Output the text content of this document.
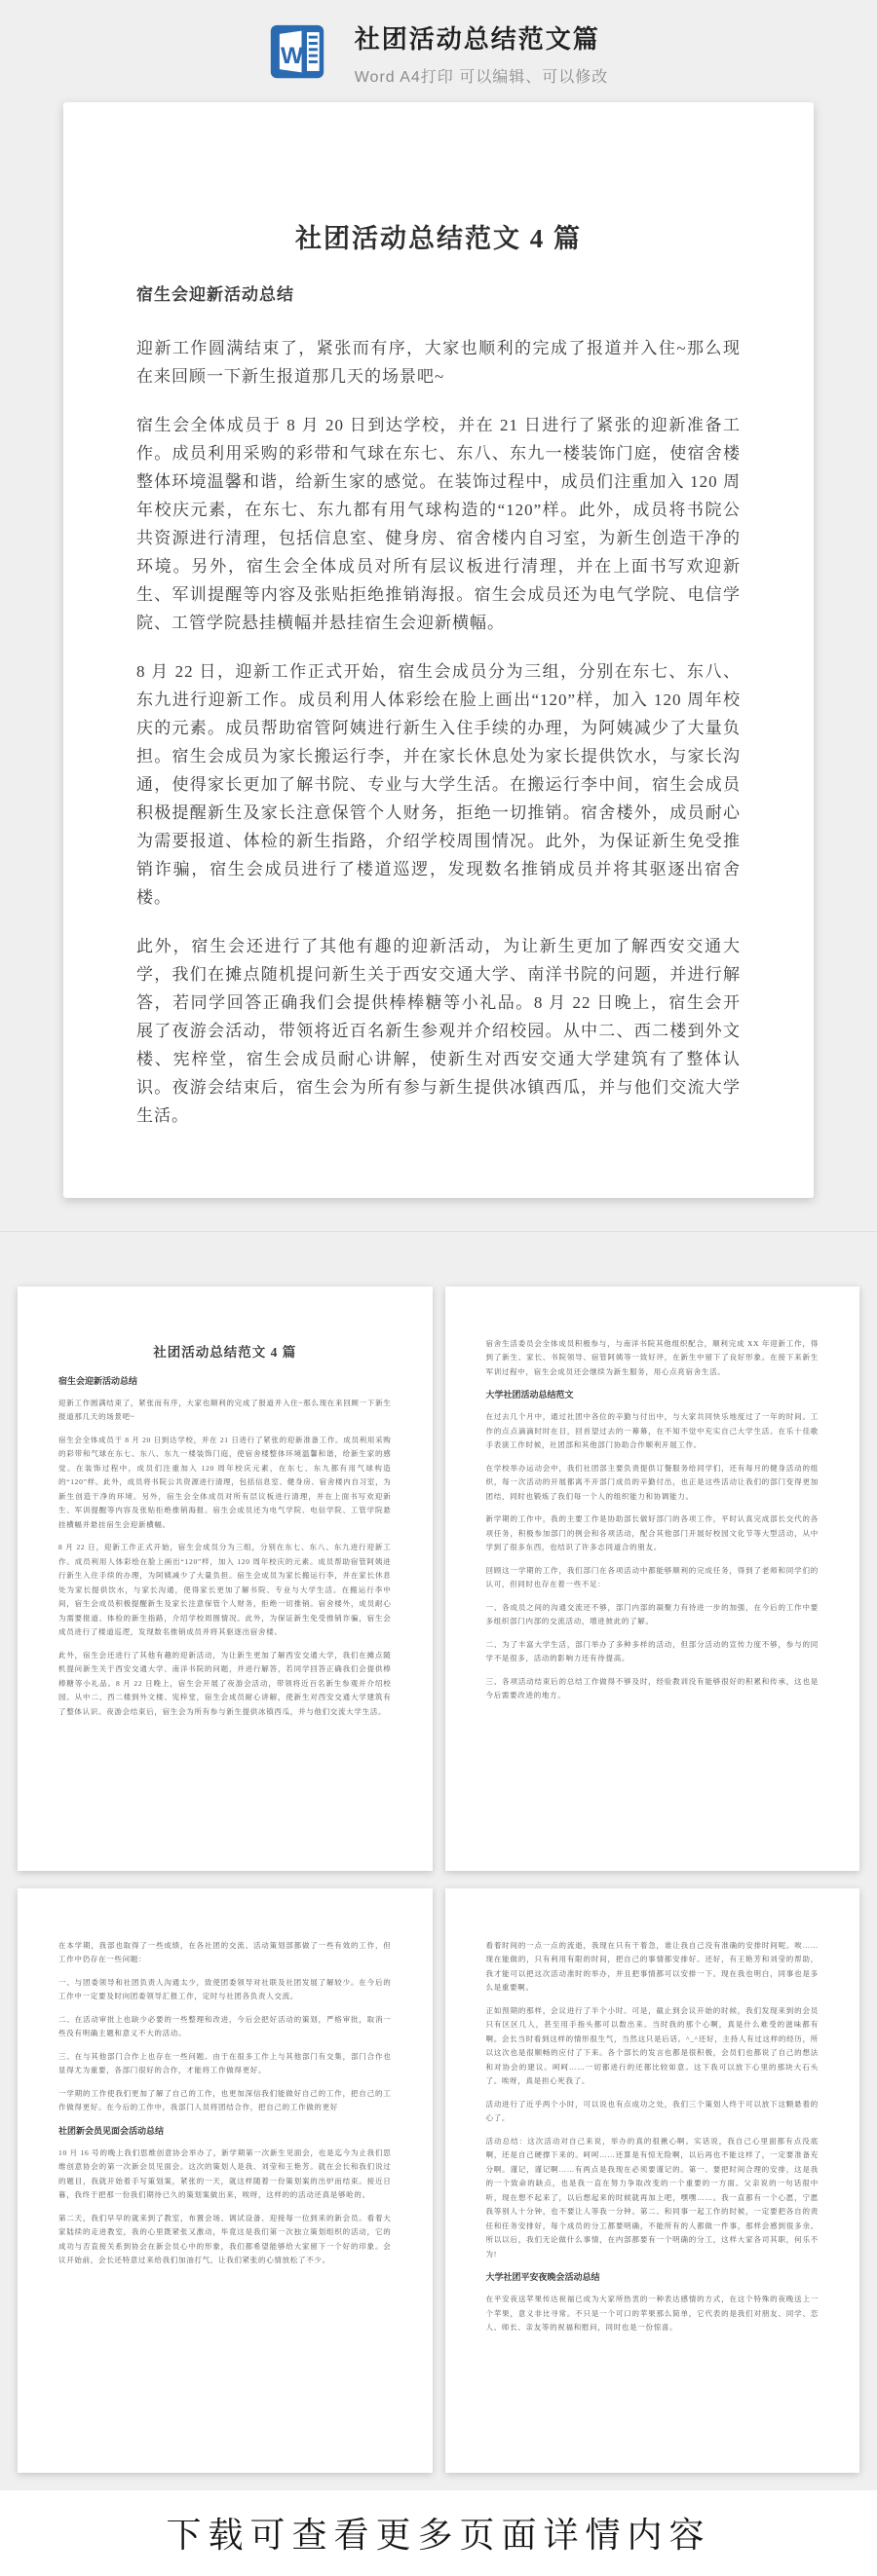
W
社团活动总结范文篇

Word A4打印 可以编辑、可以修改

社团活动总结范文 4 篇
宿生会迎新活动总结

迎新工作圆满结束了，紧张而有序，大家也顺利的完成了报道并入住~那么现在来回顾一下新生报道那几天的场景吧~

宿生会全体成员于 8 月 20 日到达学校，并在 21 日进行了紧张的迎新准备工作。成员利用采购的彩带和气球在东七、东八、东九一楼装饰门庭，使宿舍楼整体环境温馨和谐，给新生家的感觉。在装饰过程中，成员们注重加入 120 周年校庆元素，在东七、东九都有用气球构造的“120”样。此外，成员将书院公共资源进行清理，包括信息室、健身房、宿舍楼内自习室，为新生创造干净的环境。另外，宿生会全体成员对所有层议板进行清理，并在上面书写欢迎新生、军训提醒等内容及张贴拒绝推销海报。宿生会成员还为电气学院、电信学院、工管学院悬挂横幅并悬挂宿生会迎新横幅。

8 月 22 日，迎新工作正式开始，宿生会成员分为三组，分别在东七、东八、东九进行迎新工作。成员利用人体彩绘在脸上画出“120”样，加入 120 周年校庆的元素。成员帮助宿管阿姨进行新生入住手续的办理，为阿姨减少了大量负担。宿生会成员为家长搬运行李，并在家长休息处为家长提供饮水，与家长沟通，使得家长更加了解书院、专业与大学生活。在搬运行李中间，宿生会成员积极提醒新生及家长注意保管个人财务，拒绝一切推销。宿舍楼外，成员耐心为需要报道、体检的新生指路，介绍学校周围情况。此外，为保证新生免受推销诈骗，宿生会成员进行了楼道巡逻，发现数名推销成员并将其驱逐出宿舍楼。

此外，宿生会还进行了其他有趣的迎新活动，为让新生更加了解西安交通大学，我们在摊点随机提问新生关于西安交通大学、南洋书院的问题，并进行解答，若同学回答正确我们会提供棒棒糖等小礼品。8 月 22 日晚上，宿生会开展了夜游会活动，带领将近百名新生参观并介绍校园。从中二、西二楼到外文楼、宪梓堂，宿生会成员耐心讲解，使新生对西安交通大学建筑有了整体认识。夜游会结束后，宿生会为所有参与新生提供冰镇西瓜，并与他们交流大学生活。

社团活动总结范文 4 篇
宿生会迎新活动总结

迎新工作圆满结束了，紧张而有序，大家也顺利的完成了报道并入住~那么现在来回顾一下新生报道那几天的场景吧~

宿生会全体成员于 8 月 20 日到达学校，并在 21 日进行了紧张的迎新准备工作。成员利用采购的彩带和气球在东七、东八、东九一楼装饰门庭，使宿舍楼整体环境温馨和谐，给新生家的感觉。在装饰过程中，成员们注重加入 120 周年校庆元素，在东七、东九都有用气球构造的“120”样。此外，成员将书院公共资源进行清理，包括信息室、健身房、宿舍楼内自习室，为新生创造干净的环境。另外，宿生会全体成员对所有层议板进行清理，并在上面书写欢迎新生、军训提醒等内容及张贴拒绝推销海报。宿生会成员还为电气学院、电信学院、工管学院悬挂横幅并悬挂宿生会迎新横幅。

8 月 22 日，迎新工作正式开始，宿生会成员分为三组，分别在东七、东八、东九进行迎新工作。成员利用人体彩绘在脸上画出“120”样，加入 120 周年校庆的元素。成员帮助宿管阿姨进行新生入住手续的办理，为阿姨减少了大量负担。宿生会成员为家长搬运行李，并在家长休息处为家长提供饮水，与家长沟通，使得家长更加了解书院、专业与大学生活。在搬运行李中间，宿生会成员积极提醒新生及家长注意保管个人财务，拒绝一切推销。宿舍楼外，成员耐心为需要报道、体检的新生指路，介绍学校周围情况。此外，为保证新生免受推销诈骗，宿生会成员进行了楼道巡逻，发现数名推销成员并将其驱逐出宿舍楼。

此外，宿生会还进行了其他有趣的迎新活动，为让新生更加了解西安交通大学，我们在摊点随机提问新生关于西安交通大学、南洋书院的问题，并进行解答，若同学回答正确我们会提供棒棒糖等小礼品。8 月 22 日晚上，宿生会开展了夜游会活动，带领将近百名新生参观并介绍校园。从中二、西二楼到外文楼、宪梓堂，宿生会成员耐心讲解，使新生对西安交通大学建筑有了整体认识。夜游会结束后，宿生会为所有参与新生提供冰镇西瓜，并与他们交流大学生活。

宿舍生活委员会全体成员积极参与，与南洋书院其他组织配合，顺利完成 XX 年迎新工作，得到了新生、家长、书院领导、宿管阿姨等一致好评，在新生中留下了良好形象。在接下来新生军训过程中，宿生会成员还会继续为新生服务，用心点亮宿舍生活。

大学社团活动总结范文

在过去几个月中，通过社团中各位的辛勤与付出中，与大家共同快乐地度过了一年的时间。工作的点点滴滴时时在目，回首望过去的一幕幕，在不知不觉中充实自己大学生活。在乐十佳歌手表演工作时候，社团部和其他部门协助合作顺利开展工作。

在学校举办运动会中，我们社团部主要负责提供订餐服务给同学们，还有每月的健身活动的组织，每一次活动的开展都离不开部门成员的辛勤付出，也正是这些活动让我们的部门变得更加团结，同时也锻炼了我们每一个人的组织能力和协调能力。

新学期的工作中，我的主要工作是协助部长做好部门的各项工作，平时认真完成部长交代的各项任务，积极参加部门的例会和各项活动，配合其他部门开展好校园文化节等大型活动，从中学到了很多东西，也结识了许多志同道合的朋友。

回顾这一学期的工作，我们部门在各项活动中都能够顺利的完成任务，得到了老师和同学们的认可，但同时也存在着一些不足：

一、各成员之间的沟通交流还不够，部门内部的凝聚力有待进一步的加强，在今后的工作中要多组织部门内部的交流活动，增进彼此的了解。

二、为了丰富大学生活，部门举办了多种多样的活动，但部分活动的宣传力度不够，参与的同学不是很多，活动的影响力还有待提高。

三、各项活动结束后的总结工作做得不够及时，经验教训没有能够很好的积累和传承，这也是今后需要改进的地方。

在本学期，我部也取得了一些成绩，在各社团的交流、活动策划部都做了一些有效的工作，但工作中仍存在一些问题：

一、与团委领导和社团负责人沟通太少，致使团委领导对社联及社团发展了解较少。在今后的工作中一定要及时向团委领导汇报工作，定时与社团各负责人交流。

二、在活动审批上也缺少必要的一些整理和改进，今后会把好活动的策划，严格审批，取消一些没有明确主题和意义不大的活动。

三、在与其他部门合作上也存在一些问题。由于在很多工作上与其他部门有交集，部门合作也显得尤为重要，各部门很好的合作，才能将工作做得更好。

一学期的工作使我们更加了解了自己的工作，也更加深信我们能做好自己的工作，把自己的工作做得更好。在今后的工作中，我部门人员将团结合作，把自己的工作做的更好

社团新会员见面会活动总结

10 月 16 号的晚上我们思维创意协会举办了，新学期第一次新生见面会，也是迄今为止我们思维创意协会的第一次新会员见面会。这次的策划人是我、刘莹和王艳芳。就在会长和我们说过的题目，我就开始着手写策划案，紧张的一天，就这样随着一份策划案的出炉而结束。接近日暮，我终于把那一份我们期待已久的策划案做出来，唉呀，这样的的活动还真是够呛的。

第二天，我们早早的就来到了教室，布置会场、调试设备、迎接每一位到来的新会员。看着大家陆续的走进教室，我的心里既紧张又激动，毕竟这是我们第一次独立策划组织的活动，它的成功与否直接关系到协会在新会员心中的形象，我们都希望能够给大家留下一个好的印象。会议开始前，会长还特意过来给我们加油打气，让我们紧张的心情放松了不少。

看着时间的一点一点的流逝，我现在只有干着急，谁让我自己没有准确的安排时间呢。唉……现在能做的，只有利用有限的时间，把自己的事情都安排好。还好，有王艳芳和刘莹的帮助，我才能可以把这次活动准时的举办，并且把事情都可以安排一下。现在我也明白，同事也是多么是重要啊。

正如预期的那样，会议进行了半个小时。可是，截止到会议开始的时候，我们发现来到的会员只有区区几人，甚至用手指头都可以数出来。当时我的那个心啊，真是什么难受的滋味都有啊。会长当时看到这样的情形很生气，当然这只是后话。^_^还好，主持人有过这样的经历，所以这次也是很顺畅的应付了下来。各个部长的发言也都是很积极，会员们也都说了自己的想法和对协会的建议。呵呵……一切都进行的还都比较如意。这下我可以放下心里的那块大石头了。唉呀，真是担心死我了。

活动进行了近乎两个小时，可以说也有点成功之处，我们三个策划人终于可以放下这颗悬着的心了。

活动总结：这次活动对自己来说，举办的真的很揪心啊。实话说，我自己心里面都有点没底啊，还是自己硬撑下来的。呵呵……还算是有惊无险啊，以后再也不能这样了，一定要准备充分啊。谨记，谨记啊……有两点是我现在必须要谨记的。第一、要把时间合理的安排，这是我的一个致命的缺点，也是我一直在努力争取改变的一个重要的一方面。父亲说的一句话很中听，现在想不起来了，以后想起来的时候就再加上吧，嘿嘿……。我一直都有一个心愿，宁愿我等别人十分钟，也不要让人等我一分钟。第二、和同事一起工作的时候，一定要把各自的责任和任务安排好，每个成员的分工都要明确，不能所有的人都做一件事，那样会感到很多余。所以以后，我们无论做什么事情，在内部都要有一个明确的分工，这样大家各司其职，何乐不为!

大学社团平安夜晚会活动总结

在平安夜送苹果传达祝福已成为大家所热衷的一种表达感情的方式，在这个特殊的夜晚送上一个苹果，意义非比寻常。不只是一个可口的苹果那么简单，它代表的是我们对朋友、同学、恋人、师长、亲友等的祝福和慰问，同时也是一份惊喜。

下载可查看更多页面详情内容
